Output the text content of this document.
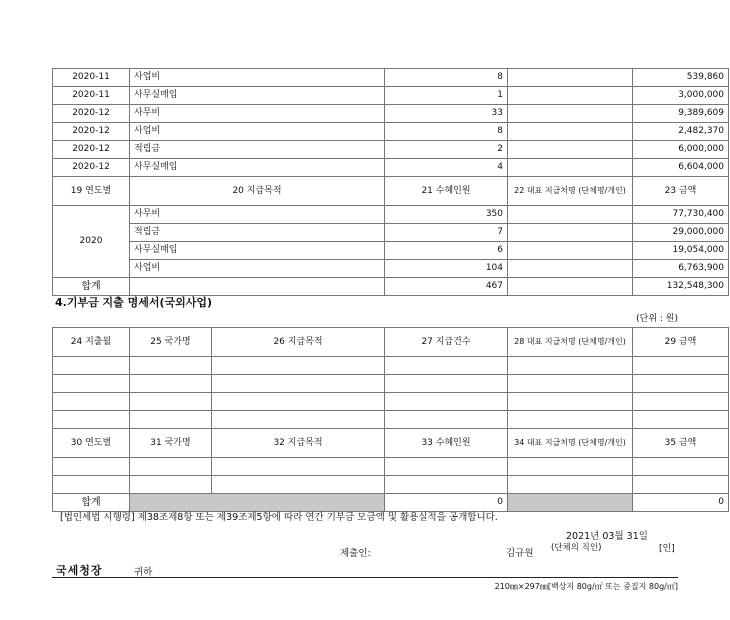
2020-11	사업비	8		539,860
2020-11	사무실매입	1		3,000,000
2020-12	사무비	33		9,389,609
2020-12	사업비	8		2,482,370
2020-12	적립금	2		6,000,000
2020-12	사무실매입	4		6,604,000
19 연도별	20 지급목적	21 수혜인원	22 대표 지급처명 (단체명/개인)	23 금액
2020	사무비	350		77,730,400
	적립금	7		29,000,000
	사무실매입	6		19,054,000
	사업비	104		6,763,900
합계		467		132,548,300
4.기부금 지출 명세서(국외사업)
(단위 : 원)
24 지출월	25 국가명	26 지급목적	27 지급건수	28 대표 지급처명 (단체명/개인)	29 금액

30 연도별	31 국가명	32 지급목적	33 수혜인원	34 대표 지급처명 (단체명/개인)	35 금액

합계			0		0
[법인세법 시행령] 제38조제8항 또는 제39조제5항에 따라 연간 기부금 모금액 및 활용실적을 공개합니다.
2021년 03월 31일
제출인:	김규원 (단체의 직인)	[인]
국세청장	귀하
210㎜×297㎜[백상지 80g/㎡ 또는 중질지 80g/㎡]
